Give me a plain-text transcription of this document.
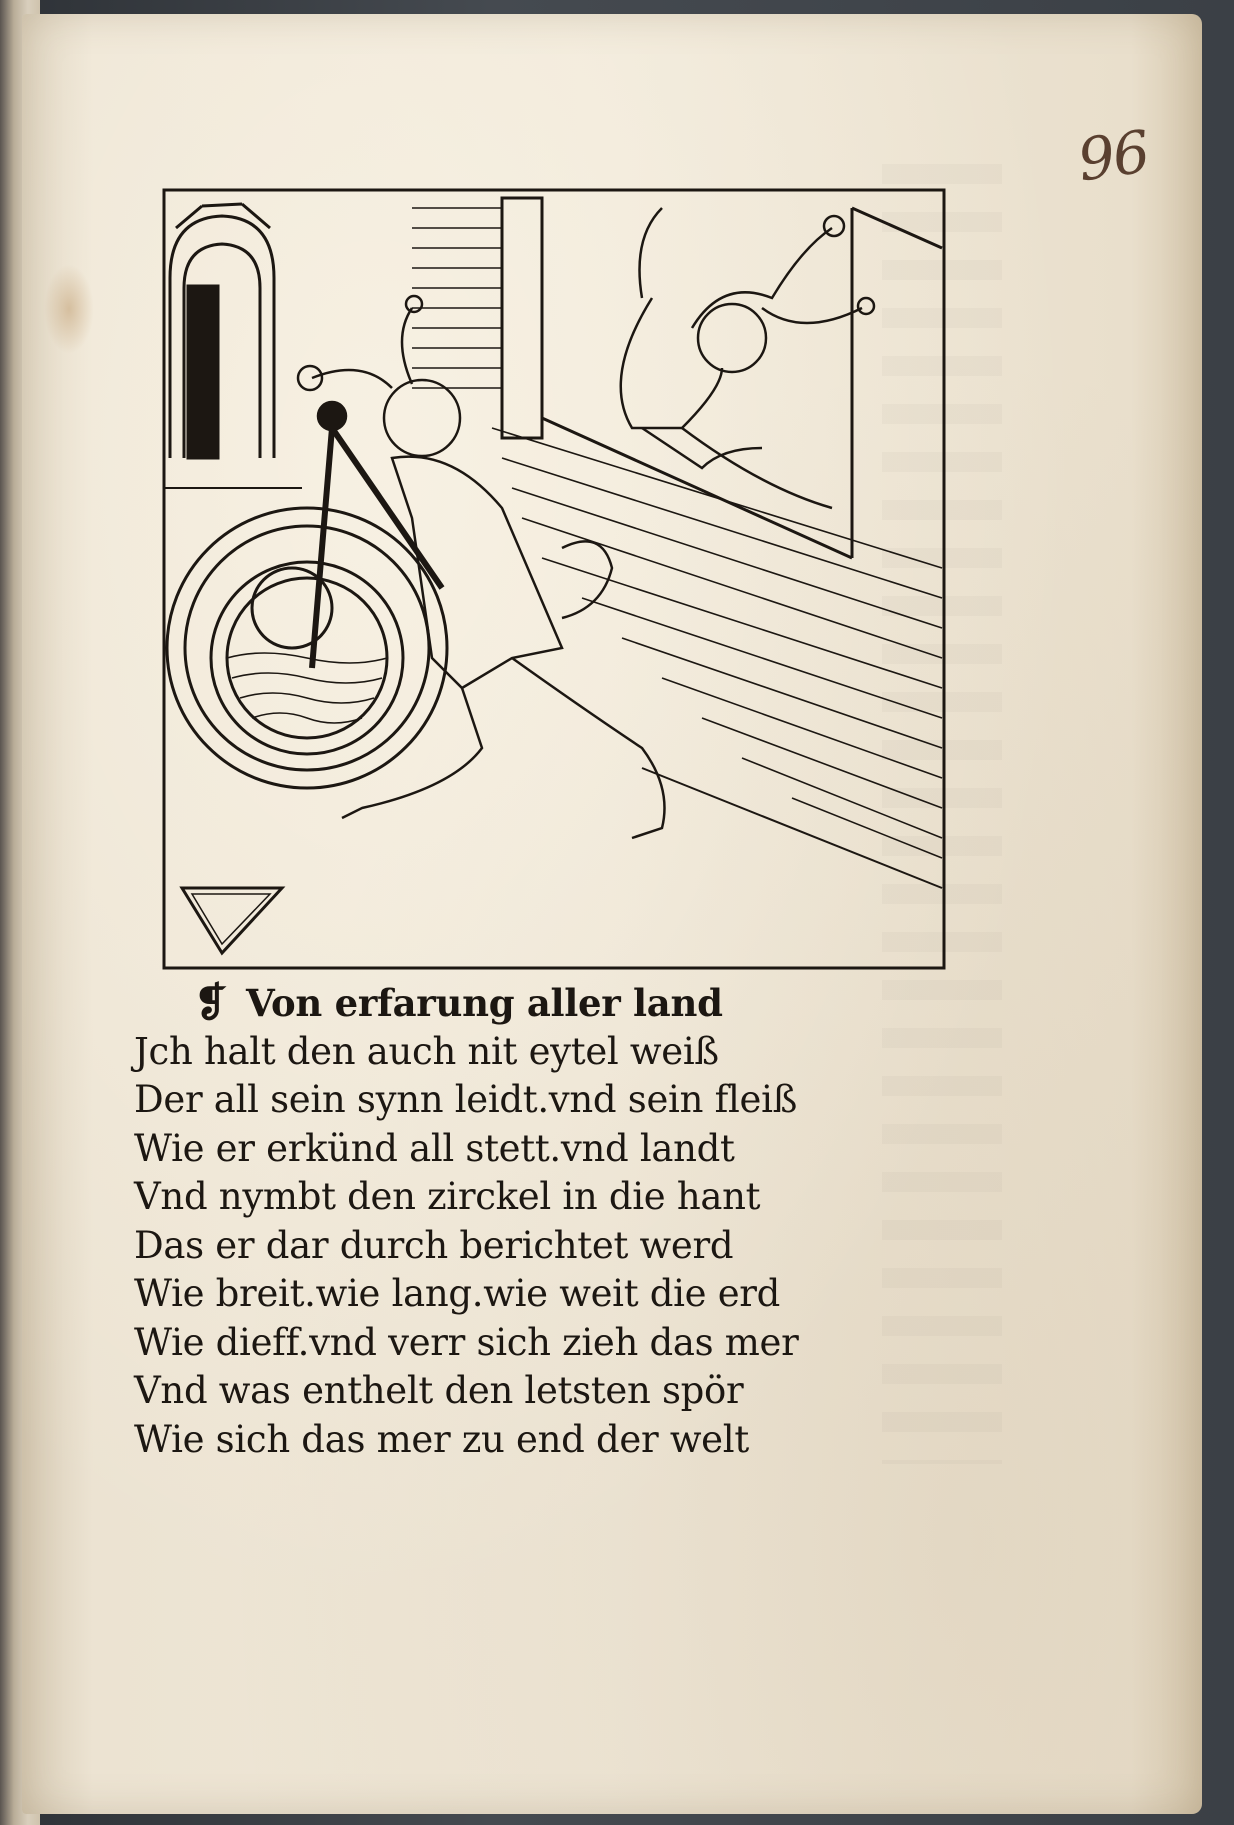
96
❡ Von erfarung aller land
Jch halt den auch nit eytel weiß
Der all sein synn leidt.vnd sein fleiß
Wie er erkünd all stett.vnd landt
Vnd nymbt den zirckel in die hant
Das er dar durch berichtet werd
Wie breit.wie lang.wie weit die erd
Wie dieff.vnd verr sich zieh das mer
Vnd was enthelt den letsten spör
Wie sich das mer zu end der welt
